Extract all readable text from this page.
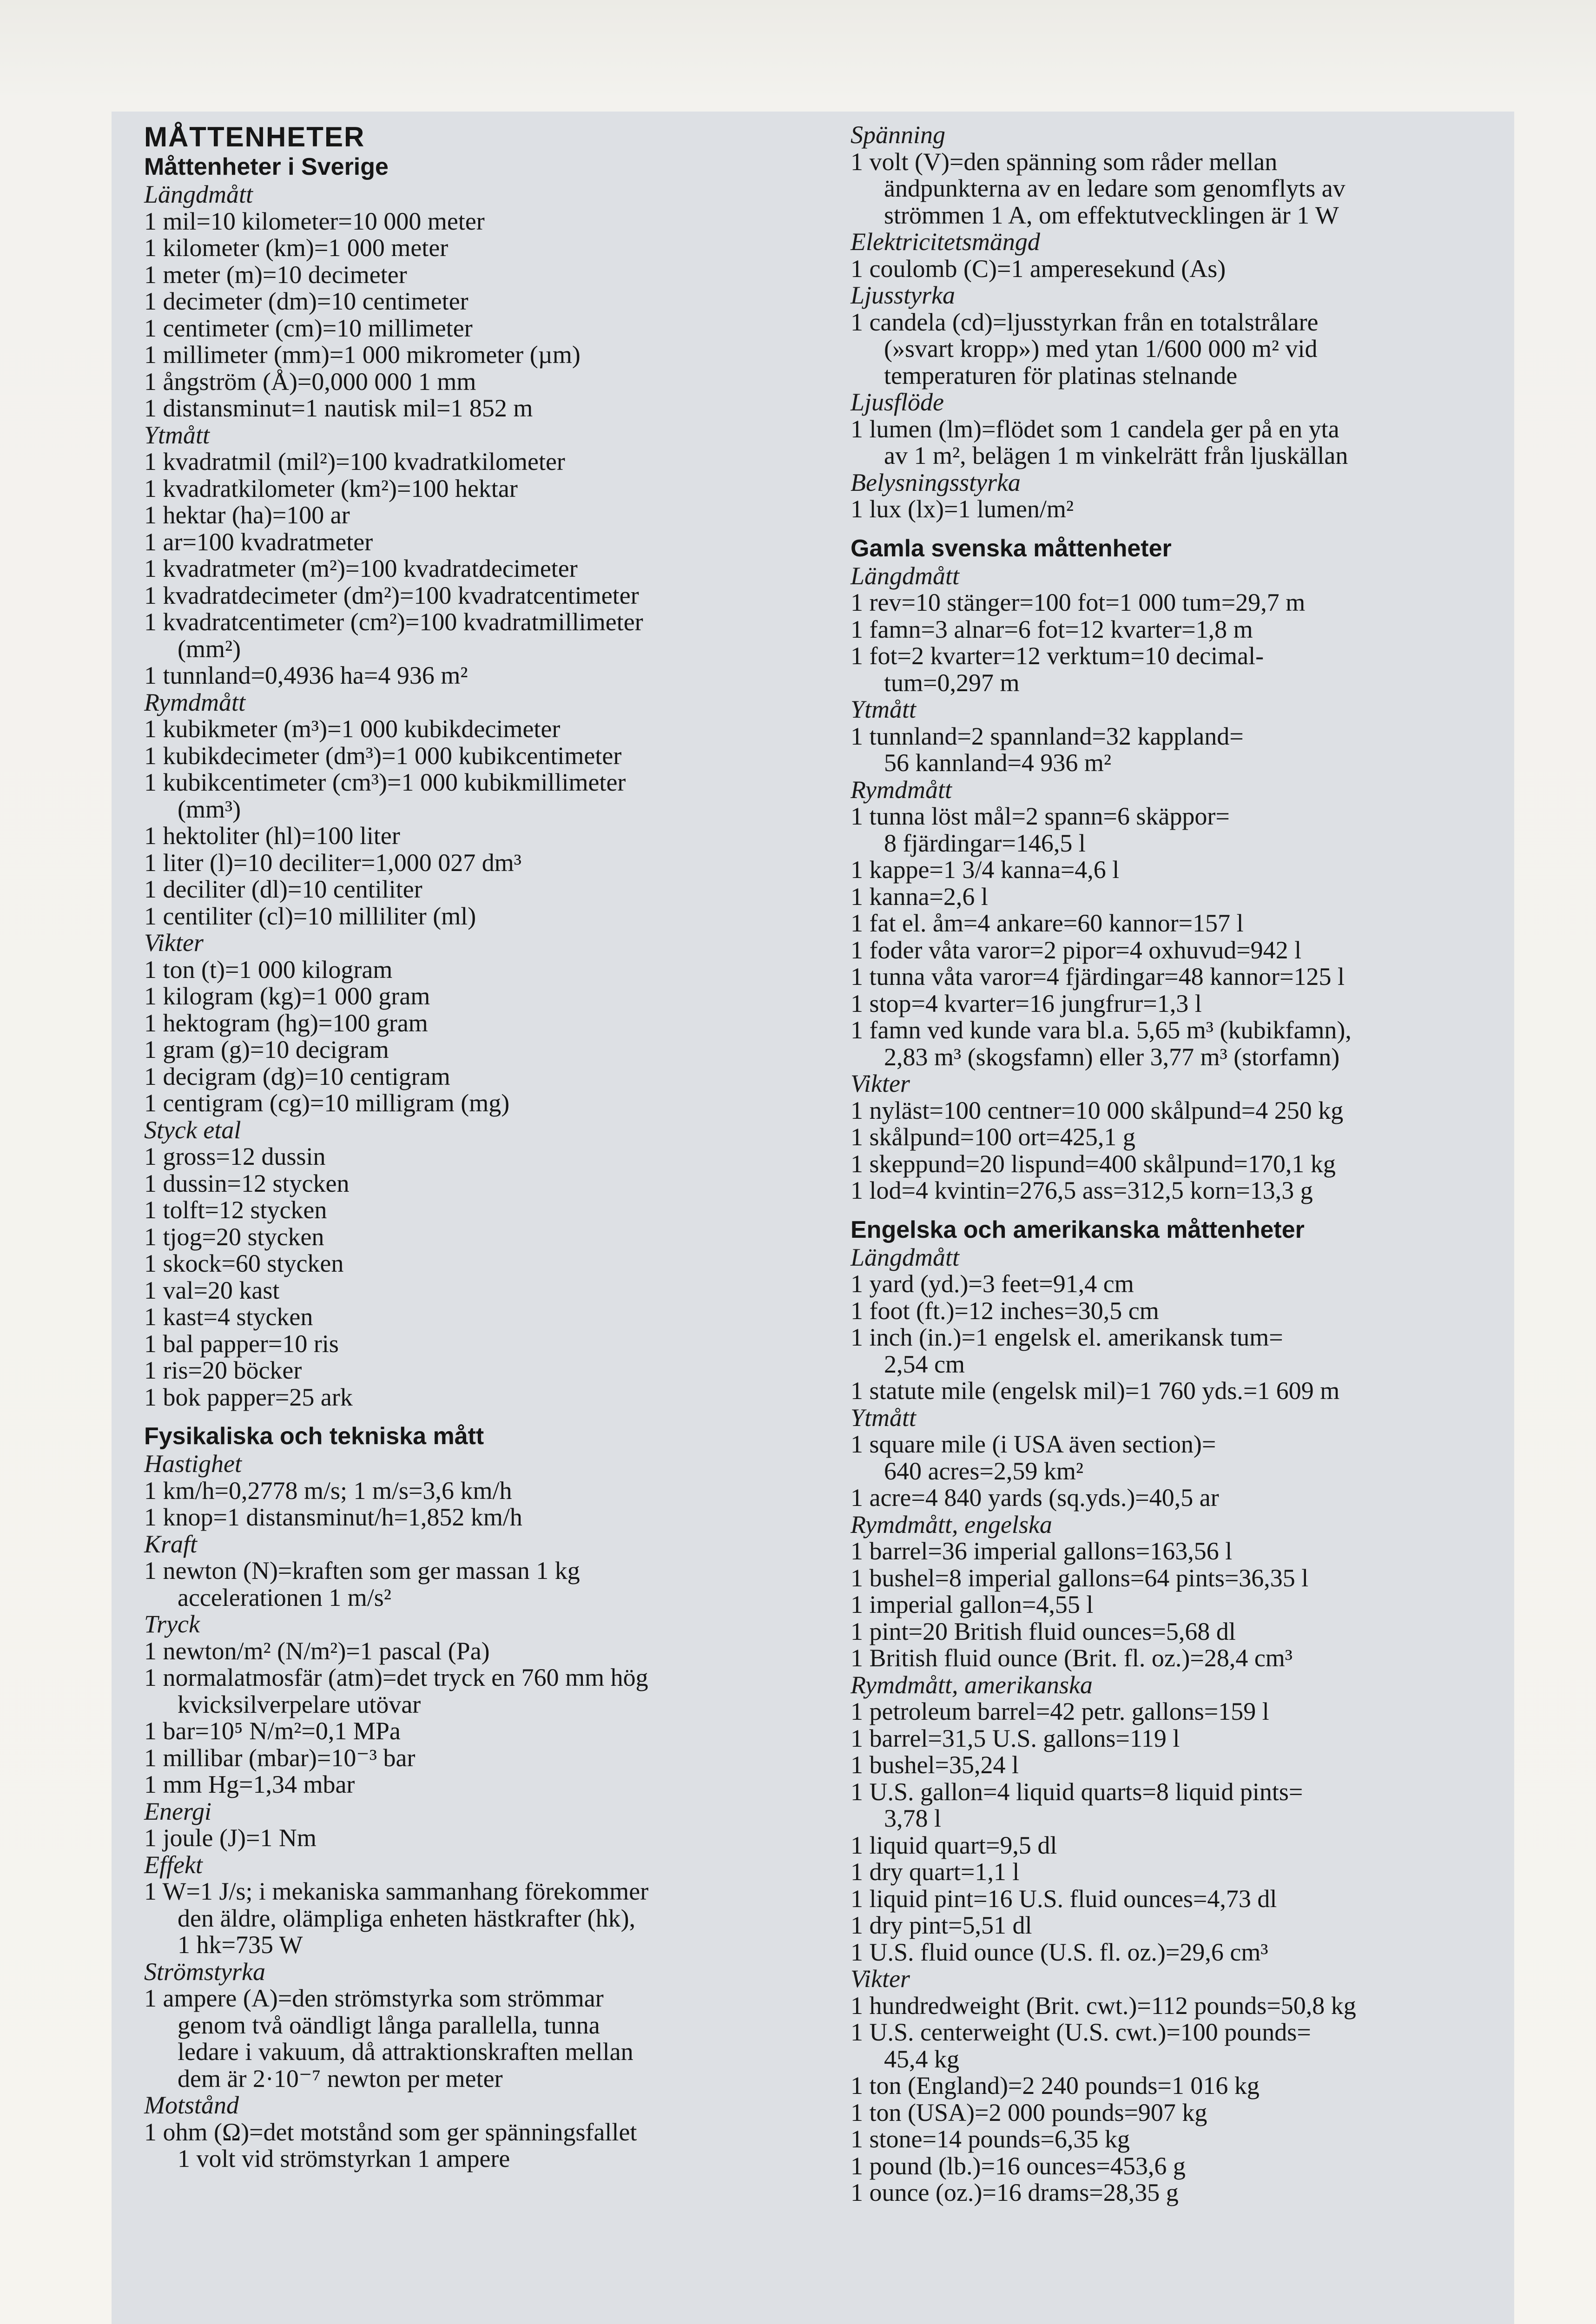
MÅTTENHETER
Måttenheter i Sverige
Längdmått
1 mil=10 kilometer=10 000 meter
1 kilometer (km)=1 000 meter
1 meter (m)=10 decimeter
1 decimeter (dm)=10 centimeter
1 centimeter (cm)=10 millimeter
1 millimeter (mm)=1 000 mikrometer (µm)
1 ångström (Å)=0,000 000 1 mm
1 distansminut=1 nautisk mil=1 852 m
Ytmått
1 kvadratmil (mil²)=100 kvadratkilometer
1 kvadratkilometer (km²)=100 hektar
1 hektar (ha)=100 ar
1 ar=100 kvadratmeter
1 kvadratmeter (m²)=100 kvadratdecimeter
1 kvadratdecimeter (dm²)=100 kvadratcentimeter
1 kvadratcentimeter (cm²)=100 kvadratmillimeter
(mm²)
1 tunnland=0,4936 ha=4 936 m²
Rymdmått
1 kubikmeter (m³)=1 000 kubikdecimeter
1 kubikdecimeter (dm³)=1 000 kubikcentimeter
1 kubikcentimeter (cm³)=1 000 kubikmillimeter
(mm³)
1 hektoliter (hl)=100 liter
1 liter (l)=10 deciliter=1,000 027 dm³
1 deciliter (dl)=10 centiliter
1 centiliter (cl)=10 milliliter (ml)
Vikter
1 ton (t)=1 000 kilogram
1 kilogram (kg)=1 000 gram
1 hektogram (hg)=100 gram
1 gram (g)=10 decigram
1 decigram (dg)=10 centigram
1 centigram (cg)=10 milligram (mg)
Styck etal
1 gross=12 dussin
1 dussin=12 stycken
1 tolft=12 stycken
1 tjog=20 stycken
1 skock=60 stycken
1 val=20 kast
1 kast=4 stycken
1 bal papper=10 ris
1 ris=20 böcker
1 bok papper=25 ark
Fysikaliska och tekniska mått
Hastighet
1 km/h=0,2778 m/s; 1 m/s=3,6 km/h
1 knop=1 distansminut/h=1,852 km/h
Kraft
1 newton (N)=kraften som ger massan 1 kg
accelerationen 1 m/s²
Tryck
1 newton/m² (N/m²)=1 pascal (Pa)
1 normalatmosfär (atm)=det tryck en 760 mm hög
kvicksilverpelare utövar
1 bar=10⁵ N/m²=0,1 MPa
1 millibar (mbar)=10⁻³ bar
1 mm Hg=1,34 mbar
Energi
1 joule (J)=1 Nm
Effekt
1 W=1 J/s; i mekaniska sammanhang förekommer
den äldre, olämpliga enheten hästkrafter (hk),
1 hk=735 W
Strömstyrka
1 ampere (A)=den strömstyrka som strömmar
genom två oändligt långa parallella, tunna
ledare i vakuum, då attraktionskraften mellan
dem är 2·10⁻⁷ newton per meter
Motstånd
1 ohm (Ω)=det motstånd som ger spänningsfallet
1 volt vid strömstyrkan 1 ampere
Spänning
1 volt (V)=den spänning som råder mellan
ändpunkterna av en ledare som genomflyts av
strömmen 1 A, om effektutvecklingen är 1 W
Elektricitetsmängd
1 coulomb (C)=1 amperesekund (As)
Ljusstyrka
1 candela (cd)=ljusstyrkan från en totalstrålare
(»svart kropp») med ytan 1/600 000 m² vid
temperaturen för platinas stelnande
Ljusflöde
1 lumen (lm)=flödet som 1 candela ger på en yta
av 1 m², belägen 1 m vinkelrätt från ljuskällan
Belysningsstyrka
1 lux (lx)=1 lumen/m²
Gamla svenska måttenheter
Längdmått
1 rev=10 stänger=100 fot=1 000 tum=29,7 m
1 famn=3 alnar=6 fot=12 kvarter=1,8 m
1 fot=2 kvarter=12 verktum=10 decimal-
tum=0,297 m
Ytmått
1 tunnland=2 spannland=32 kappland=
56 kannland=4 936 m²
Rymdmått
1 tunna löst mål=2 spann=6 skäppor=
8 fjärdingar=146,5 l
1 kappe=1 3/4 kanna=4,6 l
1 kanna=2,6 l
1 fat el. åm=4 ankare=60 kannor=157 l
1 foder våta varor=2 pipor=4 oxhuvud=942 l
1 tunna våta varor=4 fjärdingar=48 kannor=125 l
1 stop=4 kvarter=16 jungfrur=1,3 l
1 famn ved kunde vara bl.a. 5,65 m³ (kubikfamn),
2,83 m³ (skogsfamn) eller 3,77 m³ (storfamn)
Vikter
1 nyläst=100 centner=10 000 skålpund=4 250 kg
1 skålpund=100 ort=425,1 g
1 skeppund=20 lispund=400 skålpund=170,1 kg
1 lod=4 kvintin=276,5 ass=312,5 korn=13,3 g
Engelska och amerikanska måttenheter
Längdmått
1 yard (yd.)=3 feet=91,4 cm
1 foot (ft.)=12 inches=30,5 cm
1 inch (in.)=1 engelsk el. amerikansk tum=
2,54 cm
1 statute mile (engelsk mil)=1 760 yds.=1 609 m
Ytmått
1 square mile (i USA även section)=
640 acres=2,59 km²
1 acre=4 840 yards (sq.yds.)=40,5 ar
Rymdmått, engelska
1 barrel=36 imperial gallons=163,56 l
1 bushel=8 imperial gallons=64 pints=36,35 l
1 imperial gallon=4,55 l
1 pint=20 British fluid ounces=5,68 dl
1 British fluid ounce (Brit. fl. oz.)=28,4 cm³
Rymdmått, amerikanska
1 petroleum barrel=42 petr. gallons=159 l
1 barrel=31,5 U.S. gallons=119 l
1 bushel=35,24 l
1 U.S. gallon=4 liquid quarts=8 liquid pints=
3,78 l
1 liquid quart=9,5 dl
1 dry quart=1,1 l
1 liquid pint=16 U.S. fluid ounces=4,73 dl
1 dry pint=5,51 dl
1 U.S. fluid ounce (U.S. fl. oz.)=29,6 cm³
Vikter
1 hundredweight (Brit. cwt.)=112 pounds=50,8 kg
1 U.S. centerweight (U.S. cwt.)=100 pounds=
45,4 kg
1 ton (England)=2 240 pounds=1 016 kg
1 ton (USA)=2 000 pounds=907 kg
1 stone=14 pounds=6,35 kg
1 pound (lb.)=16 ounces=453,6 g
1 ounce (oz.)=16 drams=28,35 g
